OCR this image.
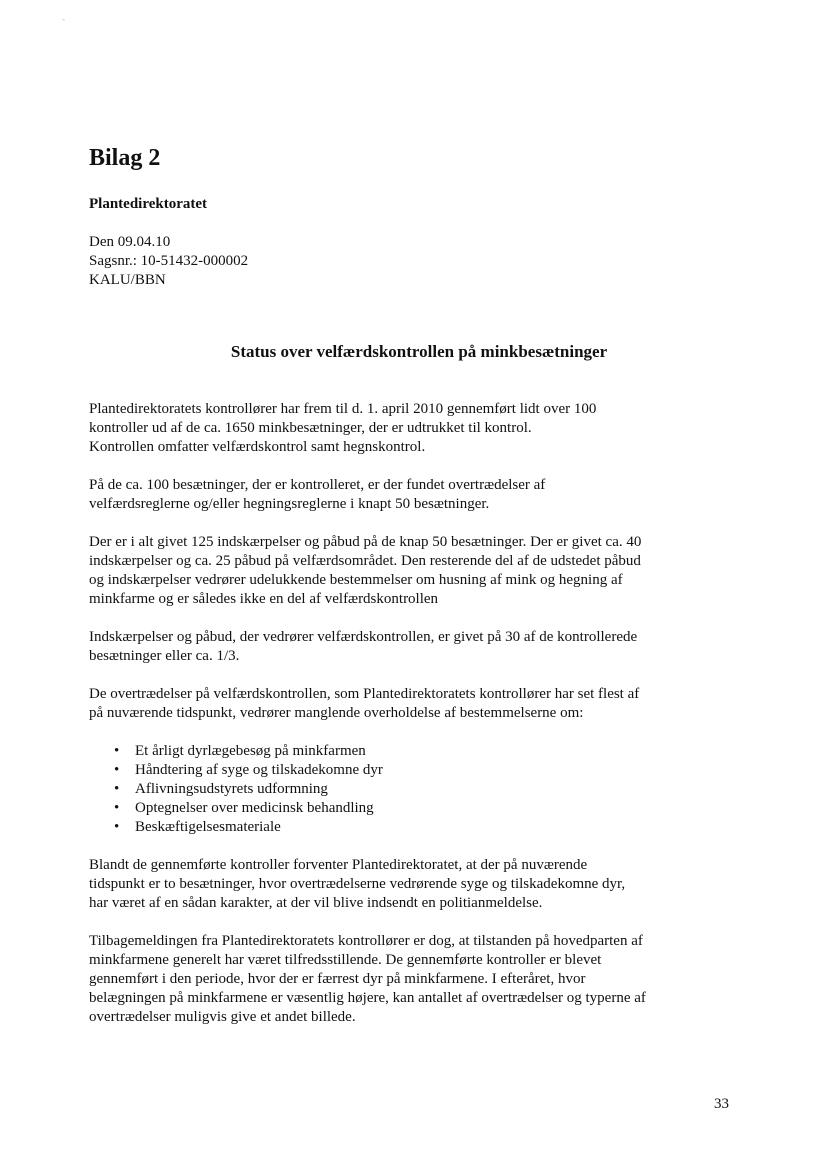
-
Bilag 2

Plantedirektoratet

Den 09.04.10
Sagsnr.: 10-51432-000002
KALU/BBN
Status over velfærdskontrollen på minkbesætninger

Plantedirektoratets kontrollører har frem til d. 1. april 2010 gennemført lidt over 100
kontroller ud af de ca. 1650 minkbesætninger, der er udtrukket til kontrol.
Kontrollen omfatter velfærdskontrol samt hegnskontrol.

På de ca. 100 besætninger, der er kontrolleret, er der fundet overtrædelser af
velfærdsreglerne og/eller hegningsreglerne i knapt 50 besætninger.

Der er i alt givet 125 indskærpelser og påbud på de knap 50 besætninger. Der er givet ca. 40
indskærpelser og ca. 25 påbud på velfærdsområdet. Den resterende del af de udstedet påbud
og indskærpelser vedrører udelukkende bestemmelser om husning af mink og hegning af
minkfarme og er således ikke en del af velfærdskontrollen

Indskærpelser og påbud, der vedrører velfærdskontrollen, er givet på 30 af de kontrollerede
besætninger eller ca. 1/3.

De overtrædelser på velfærdskontrollen, som Plantedirektoratets kontrollører har set flest af
på nuværende tidspunkt, vedrører manglende overholdelse af bestemmelserne om:

• Et årligt dyrlægebesøg på minkfarmen
• Håndtering af syge og tilskadekomne dyr
• Aflivningsudstyrets udformning
• Optegnelser over medicinsk behandling
• Beskæftigelsesmateriale

Blandt de gennemførte kontroller forventer Plantedirektoratet, at der på nuværende
tidspunkt er to besætninger, hvor overtrædelserne vedrørende syge og tilskadekomne dyr,
har været af en sådan karakter, at der vil blive indsendt en politianmeldelse.

Tilbagemeldingen fra Plantedirektoratets kontrollører er dog, at tilstanden på hovedparten af
minkfarmene generelt har været tilfredsstillende. De gennemførte kontroller er blevet
gennemført i den periode, hvor der er færrest dyr på minkfarmene. I efteråret, hvor
belægningen på minkfarmene er væsentlig højere, kan antallet af overtrædelser og typerne af
overtrædelser muligvis give et andet billede.

33
